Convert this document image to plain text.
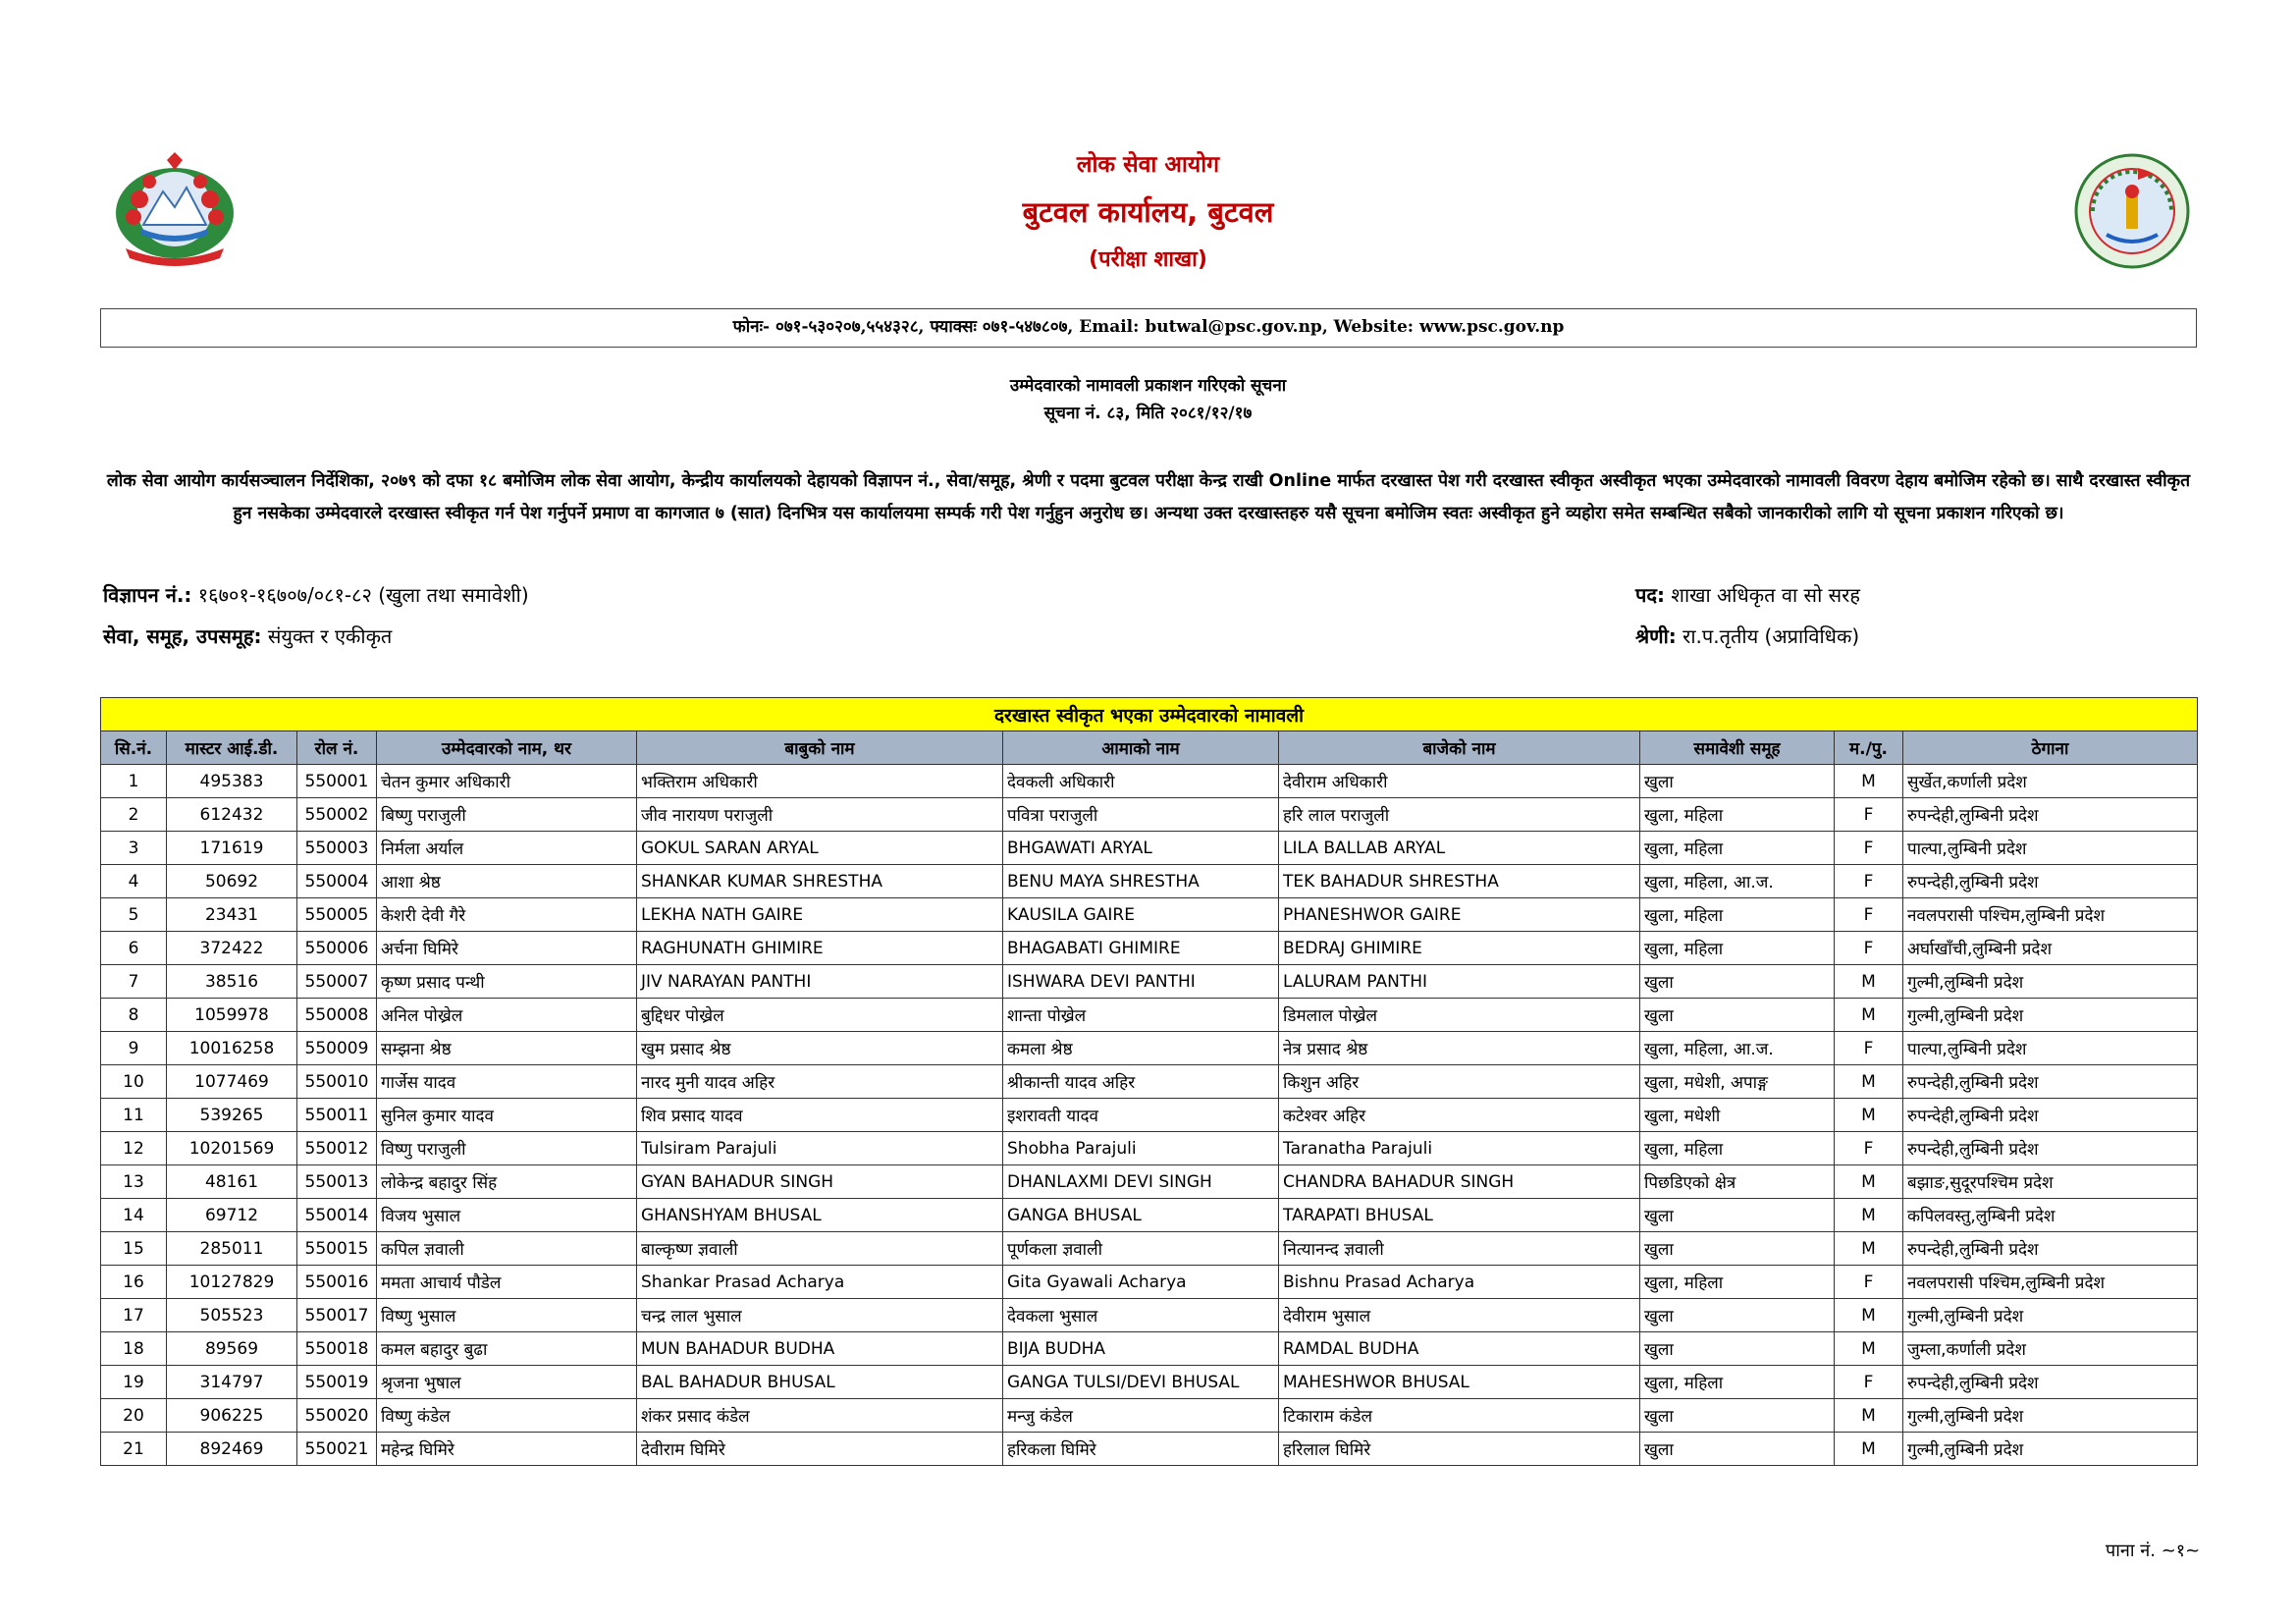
लोक सेवा आयोग
बुटवल कार्यालय, बुटवल
(परीक्षा शाखा)
फोनः- ०७१-५३०२०७,५५४३२८, फ्याक्सः ०७१-५४७८०७, Email: butwal@psc.gov.np, Website: www.psc.gov.np
उम्मेदवारको नामावली प्रकाशन गरिएको सूचना
सूचना नं. ८३, मिति २०८१/१२/१७
लोक सेवा आयोग कार्यसञ्चालन निर्देशिका, २०७९ को दफा १८ बमोजिम लोक सेवा आयोग, केन्द्रीय कार्यालयको देहायको विज्ञापन नं., सेवा/समूह, श्रेणी र पदमा बुटवल परीक्षा केन्द्र राखी Online मार्फत दरखास्त पेश गरी दरखास्त स्वीकृत अस्वीकृत भएका उम्मेदवारको नामावली विवरण देहाय बमोजिम रहेको छ। साथै दरखास्त स्वीकृत हुन नसकेका उम्मेदवारले दरखास्त स्वीकृत गर्न पेश गर्नुपर्ने प्रमाण वा कागजात ७ (सात) दिनभित्र यस कार्यालयमा सम्पर्क गरी पेश गर्नुहुन अनुरोध छ। अन्यथा उक्त दरखास्तहरु यसै सूचना बमोजिम स्वतः अस्वीकृत हुने व्यहोरा समेत सम्बन्धित सबैको जानकारीको लागि यो सूचना प्रकाशन गरिएको छ।
विज्ञापन नं.: १६७०१-१६७०७/०८१-८२ (खुला तथा समावेशी)
सेवा, समूह, उपसमूह: संयुक्त र एकीकृत
पद: शाखा अधिकृत वा सो सरह
श्रेणी: रा.प.तृतीय (अप्राविधिक)
दरखास्त स्वीकृत भएका उम्मेदवारको नामावली									
सि.नं.	मास्टर आई.डी.	रोल नं.	उम्मेदवारको नाम, थर	बाबुको नाम	आमाको नाम	बाजेको नाम	समावेशी समूह	म./पु.	ठेगाना
1	495383	550001	चेतन कुमार अधिकारी	भक्तिराम अधिकारी	देवकली अधिकारी	देवीराम अधिकारी	खुला	M	सुर्खेत,कर्णाली प्रदेश
2	612432	550002	बिष्णु पराजुली	जीव नारायण पराजुली	पवित्रा पराजुली	हरि लाल पराजुली	खुला, महिला	F	रुपन्देही,लुम्बिनी प्रदेश
3	171619	550003	निर्मला अर्याल	GOKUL SARAN ARYAL	BHGAWATI ARYAL	LILA BALLAB ARYAL	खुला, महिला	F	पाल्पा,लुम्बिनी प्रदेश
4	50692	550004	आशा श्रेष्ठ	SHANKAR KUMAR SHRESTHA	BENU MAYA SHRESTHA	TEK BAHADUR SHRESTHA	खुला, महिला, आ.ज.	F	रुपन्देही,लुम्बिनी प्रदेश
5	23431	550005	केशरी देवी गैरे	LEKHA NATH GAIRE	KAUSILA GAIRE	PHANESHWOR GAIRE	खुला, महिला	F	नवलपरासी पश्चिम,लुम्बिनी प्रदेश
6	372422	550006	अर्चना घिमिरे	RAGHUNATH GHIMIRE	BHAGABATI GHIMIRE	BEDRAJ GHIMIRE	खुला, महिला	F	अर्घाखाँची,लुम्बिनी प्रदेश
7	38516	550007	कृष्ण प्रसाद पन्थी	JIV NARAYAN PANTHI	ISHWARA DEVI PANTHI	LALURAM PANTHI	खुला	M	गुल्मी,लुम्बिनी प्रदेश
8	1059978	550008	अनिल पोख्रेल	बुद्दिधर पोख्रेल	शान्ता पोख्रेल	डिमलाल पोख्रेल	खुला	M	गुल्मी,लुम्बिनी प्रदेश
9	10016258	550009	सम्झना श्रेष्ठ	खुम प्रसाद श्रेष्ठ	कमला श्रेष्ठ	नेत्र प्रसाद श्रेष्ठ	खुला, महिला, आ.ज.	F	पाल्पा,लुम्बिनी प्रदेश
10	1077469	550010	गार्जेस यादव	नारद मुनी यादव अहिर	श्रीकान्ती यादव अहिर	किशुन अहिर	खुला, मधेशी, अपाङ्ग	M	रुपन्देही,लुम्बिनी प्रदेश
11	539265	550011	सुनिल कुमार यादव	शिव प्रसाद यादव	इशरावती यादव	कटेश्वर अहिर	खुला, मधेशी	M	रुपन्देही,लुम्बिनी प्रदेश
12	10201569	550012	विष्णु पराजुली	Tulsiram Parajuli	Shobha Parajuli	Taranatha Parajuli	खुला, महिला	F	रुपन्देही,लुम्बिनी प्रदेश
13	48161	550013	लोकेन्द्र बहादुर सिंह	GYAN BAHADUR SINGH	DHANLAXMI DEVI SINGH	CHANDRA BAHADUR SINGH	पिछडिएको क्षेत्र	M	बझाङ,सुदूरपश्चिम प्रदेश
14	69712	550014	विजय भुसाल	GHANSHYAM BHUSAL	GANGA BHUSAL	TARAPATI BHUSAL	खुला	M	कपिलवस्तु,लुम्बिनी प्रदेश
15	285011	550015	कपिल ज्ञवाली	बाल्कृष्ण ज्ञवाली	पूर्णकला ज्ञवाली	नित्यानन्द ज्ञवाली	खुला	M	रुपन्देही,लुम्बिनी प्रदेश
16	10127829	550016	ममता आचार्य पौडेल	Shankar Prasad Acharya	Gita Gyawali Acharya	Bishnu Prasad Acharya	खुला, महिला	F	नवलपरासी पश्चिम,लुम्बिनी प्रदेश
17	505523	550017	विष्णु भुसाल	चन्द्र लाल भुसाल	देवकला भुसाल	देवीराम भुसाल	खुला	M	गुल्मी,लुम्बिनी प्रदेश
18	89569	550018	कमल बहादुर बुढा	MUN BAHADUR BUDHA	BIJA BUDHA	RAMDAL BUDHA	खुला	M	जुम्ला,कर्णाली प्रदेश
19	314797	550019	श्रृजना भुषाल	BAL BAHADUR BHUSAL	GANGA TULSI/DEVI BHUSAL	MAHESHWOR BHUSAL	खुला, महिला	F	रुपन्देही,लुम्बिनी प्रदेश
20	906225	550020	विष्णु कंडेल	शंकर प्रसाद कंडेल	मन्जु कंडेल	टिकाराम कंडेल	खुला	M	गुल्मी,लुम्बिनी प्रदेश
21	892469	550021	महेन्द्र घिमिरे	देवीराम घिमिरे	हरिकला घिमिरे	हरिलाल घिमिरे	खुला	M	गुल्मी,लुम्बिनी प्रदेश
पाना नं. ~१~
